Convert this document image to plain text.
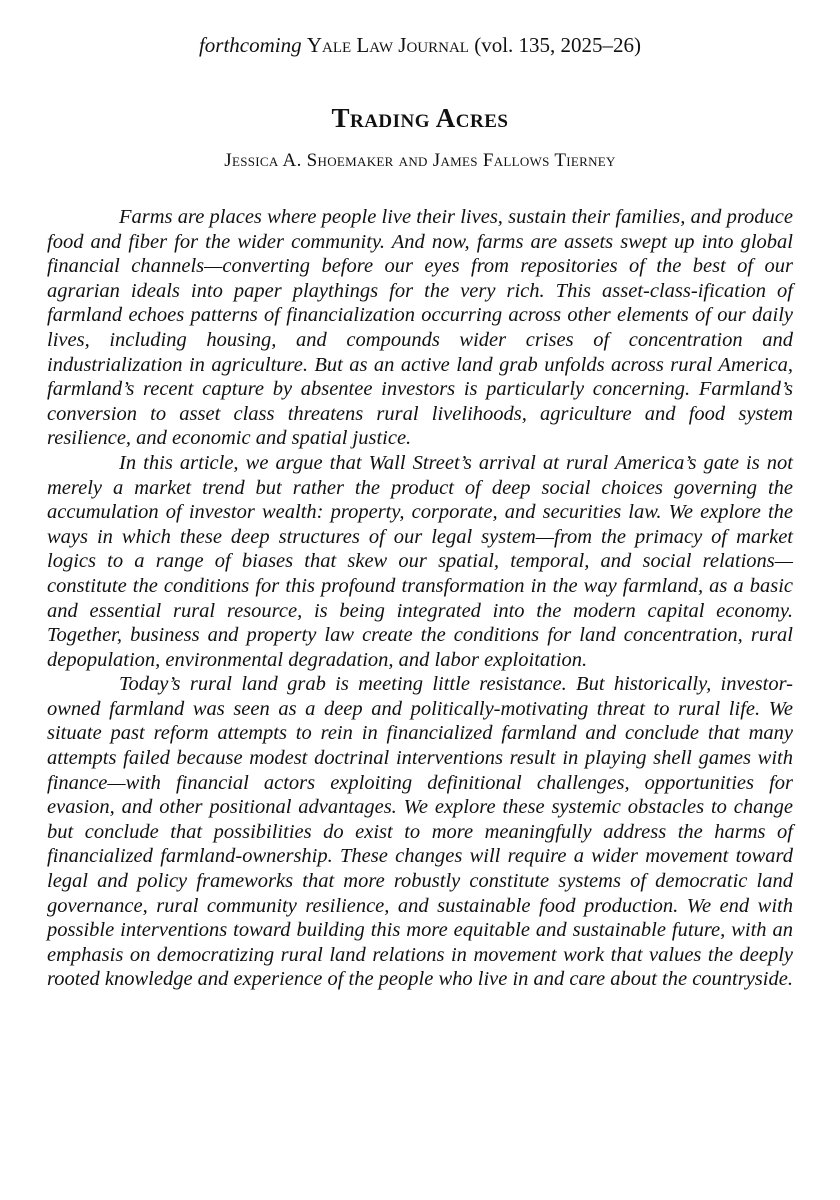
forthcoming Yale Law Journal (vol. 135, 2025–26)
Trading Acres
Jessica A. Shoemaker and James Fallows Tierney

Farms are places where people live their lives, sustain their families, and produce food and fiber for the wider community. And now, farms are assets swept up into global financial channels—converting before our eyes from repositories of the best of our agrarian ideals into paper playthings for the very rich. This asset-class-ification of farmland echoes patterns of financialization occurring across other elements of our daily lives, including housing, and compounds wider crises of concentration and industrialization in agriculture. But as an active land grab unfolds across rural America, farmland’s recent capture by absentee investors is particularly concerning. Farmland’s conversion to asset class threatens rural livelihoods, agriculture and food system resilience, and economic and spatial justice.

In this article, we argue that Wall Street’s arrival at rural America’s gate is not merely a market trend but rather the product of deep social choices governing the accumulation of investor wealth: property, corporate, and securities law. We explore the ways in which these deep structures of our legal system—from the primacy of market logics to a range of biases that skew our spatial, temporal, and social relations—constitute the conditions for this profound transformation in the way farmland, as a basic and essential rural resource, is being integrated into the modern capital economy. Together, business and property law create the conditions for land concentration, rural depopulation, environmental degradation, and labor exploitation.

Today’s rural land grab is meeting little resistance. But historically, investor-owned farmland was seen as a deep and politically-motivating threat to rural life. We situate past reform attempts to rein in financialized farmland and conclude that many attempts failed because modest doctrinal interventions result in playing shell games with finance—with financial actors exploiting definitional challenges, opportunities for evasion, and other positional advantages. We explore these systemic obstacles to change but conclude that possibilities do exist to more meaningfully address the harms of financialized farmland-ownership. These changes will require a wider movement toward legal and policy frameworks that more robustly constitute systems of democratic land governance, rural community resilience, and sustainable food production. We end with possible interventions toward building this more equitable and sustainable future, with an emphasis on democratizing rural land relations in movement work that values the deeply rooted knowledge and experience of the people who live in and care about the countryside.
